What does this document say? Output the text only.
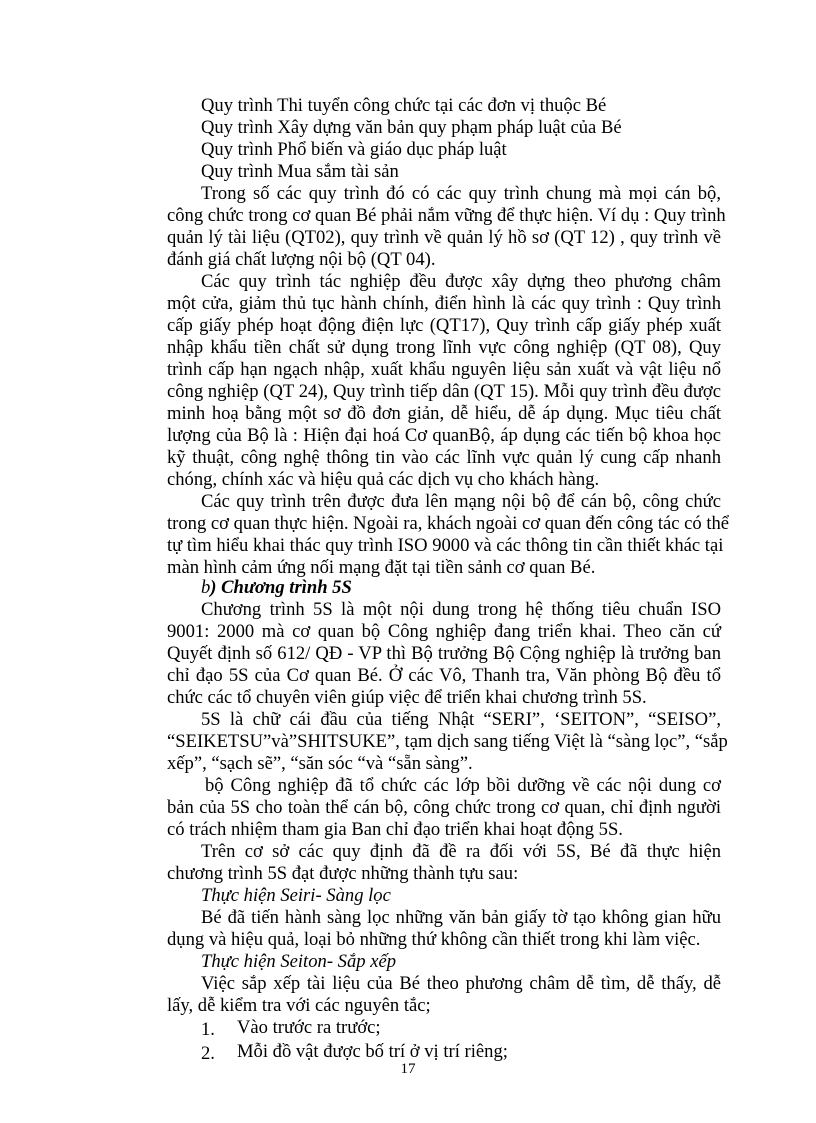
Quy trình Thi tuyển công chức tại các đơn vị thuộc Bé
Quy trình Xây dựng văn bản quy phạm pháp luật của Bé
Quy trình Phổ biến và giáo dục pháp luật
Quy trình Mua sắm tài sản
Trong số các quy trình đó có các quy trình chung mà mọi cán bộ,
công chức trong cơ quan Bé phải nắm vững để thực hiện. Ví dụ : Quy trình
quản lý tài liệu (QT02), quy trình về quản lý hồ sơ (QT 12) , quy trình về
đánh giá chất lượng nội bộ (QT 04).
Các quy trình tác nghiệp đều được xây dựng theo phương châm
một cửa, giảm thủ tục hành chính, điển hình là các quy trình : Quy trình
cấp giấy phép hoạt động điện lực (QT17), Quy trình cấp giấy phép xuất
nhập khẩu tiền chất sử dụng trong lĩnh vực công nghiệp (QT 08), Quy
trình cấp hạn ngạch nhập, xuất khẩu nguyên liệu sản xuất và vật liệu nổ
công nghiệp (QT 24), Quy trình tiếp dân (QT 15). Mỗi quy trình đều được
minh hoạ bằng một sơ đồ đơn giản, dễ hiểu, dễ áp dụng. Mục tiêu chất
lượng của Bộ là : Hiện đại hoá Cơ quanBộ, áp dụng các tiến bộ khoa học
kỹ thuật, công nghệ thông tin vào các lĩnh vực quản lý cung cấp nhanh
chóng, chính xác và hiệu quả các dịch vụ cho khách hàng.
Các quy trình trên được đưa lên mạng nội bộ để cán bộ, công chức
trong cơ quan thực hiện. Ngoài ra, khách ngoài cơ quan đến công tác có thể
tự tìm hiểu khai thác quy trình ISO 9000 và các thông tin cần thiết khác tại
màn hình cảm ứng nối mạng đặt tại tiền sảnh cơ quan Bé.
b) Chương trình 5S
Chương trình 5S là một nội dung trong hệ thống tiêu chuẩn ISO
9001: 2000 mà cơ quan bộ Công nghiệp đang triển khai. Theo căn cứ
Quyết định số 612/ QĐ - VP thì Bộ trưởng Bộ Cộng nghiệp là trưởng ban
chỉ đạo 5S của Cơ quan Bé. Ở các Vô, Thanh tra, Văn phòng Bộ đều tổ
chức các tổ chuyên viên giúp việc để triển khai chương trình 5S.
5S là chữ cái đầu của tiếng Nhật “SERI”, ‘SEITON”, “SEISO”,
“SEIKETSU”và”SHITSUKE”, tạm dịch sang tiếng Việt là “sàng lọc”, “sắp
xếp”, “sạch sẽ”, “săn sóc “và “sẵn sàng”.
bộ Công nghiệp đã tổ chức các lớp bồi dưỡng về các nội dung cơ
bản của 5S cho toàn thể cán bộ, công chức trong cơ quan, chỉ định người
có trách nhiệm tham gia Ban chỉ đạo triển khai hoạt động 5S.
Trên cơ sở các quy định đã đề ra đối với 5S, Bé đã thực hiện
chương trình 5S đạt được những thành tựu sau:
Thực hiện Seiri- Sàng lọc
Bé đã tiến hành sàng lọc những văn bản giấy tờ tạo không gian hữu
dụng và hiệu quả, loại bỏ những thứ không cần thiết trong khi làm việc.
Thực hiện Seiton- Sắp xếp
Việc sắp xếp tài liệu của Bé theo phương châm dễ tìm, dễ thấy, dễ
lấy, dễ kiểm tra với các nguyên tắc;
1. Vào trước ra trước;
2. Mỗi đồ vật được bố trí ở vị trí riêng;
17
